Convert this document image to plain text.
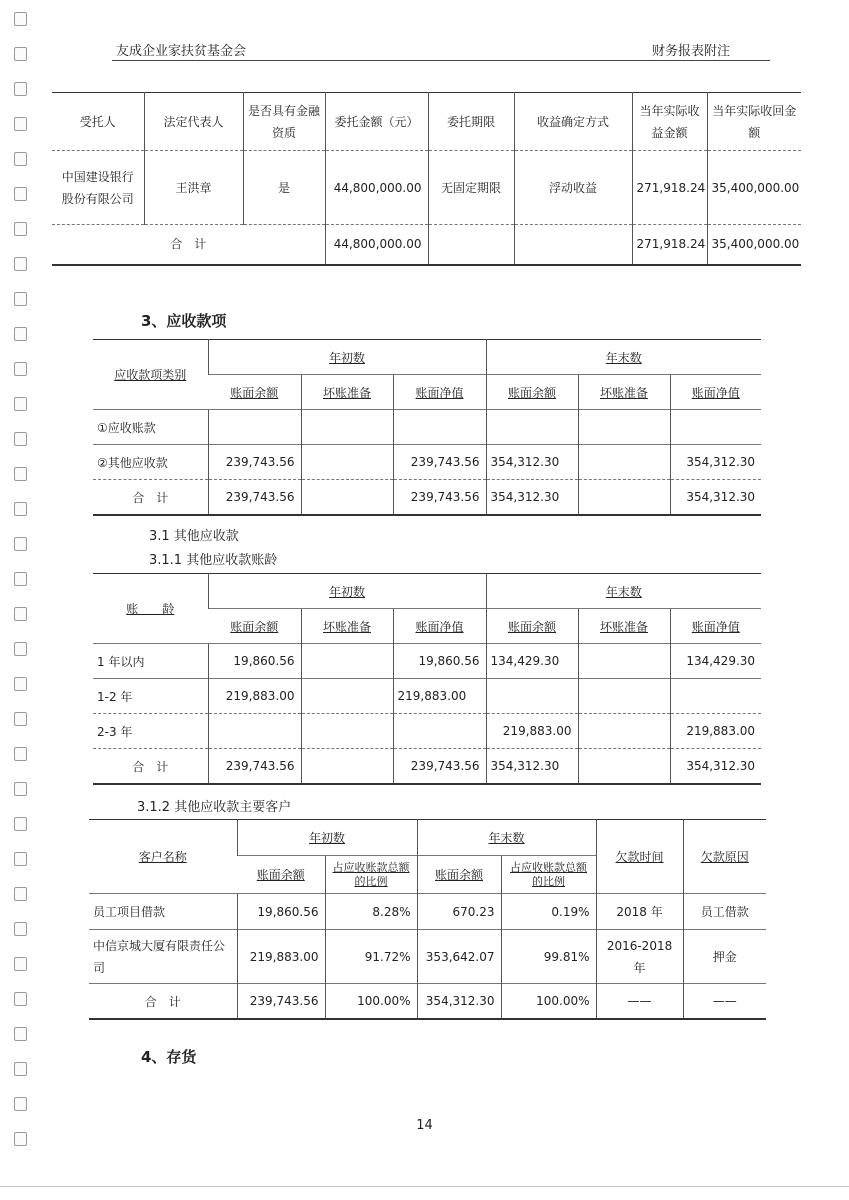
友成企业家扶贫基金会	财务报表附注
受托人	法定代表人	是否具有金融资质	委托金额（元）	委托期限	收益确定方式	当年实际收益金额	当年实际收回金额
中国建设银行股份有限公司	王洪章	是	44,800,000.00	无固定期限	浮动收益	271,918.24	35,400,000.00
合　计			44,800,000.00			271,918.24	35,400,000.00
3、应收款项
应收款项类别	年初数			年末数		
	账面余额	坏账准备	账面净值	账面余额	坏账准备	账面净值
①应收账款						
②其他应收款	239,743.56		239,743.56	354,312.30		354,312.30
合　计	239,743.56		239,743.56	354,312.30		354,312.30
3.1 其他应收款
3.1.1 其他应收款账龄
账　　龄	年初数			年末数		
	账面余额	坏账准备	账面净值	账面余额	坏账准备	账面净值
1 年以内	19,860.56		19,860.56	134,429.30		134,429.30
1-2 年	219,883.00		219,883.00			
2-3 年				219,883.00		219,883.00
合　计	239,743.56		239,743.56	354,312.30		354,312.30
3.1.2 其他应收款主要客户
客户名称	年初数		年末数		欠款时间	欠款原因
	账面余额	占应收账款总额的比例	账面余额	占应收账款总额的比例		
员工项目借款	19,860.56	8.28%	670.23	0.19%	2018 年	员工借款
中信京城大厦有限责任公司	219,883.00	91.72%	353,642.07	99.81%	2016-2018 年	押金
合　计	239,743.56	100.00%	354,312.30	100.00%	——	——
4、存货
14
